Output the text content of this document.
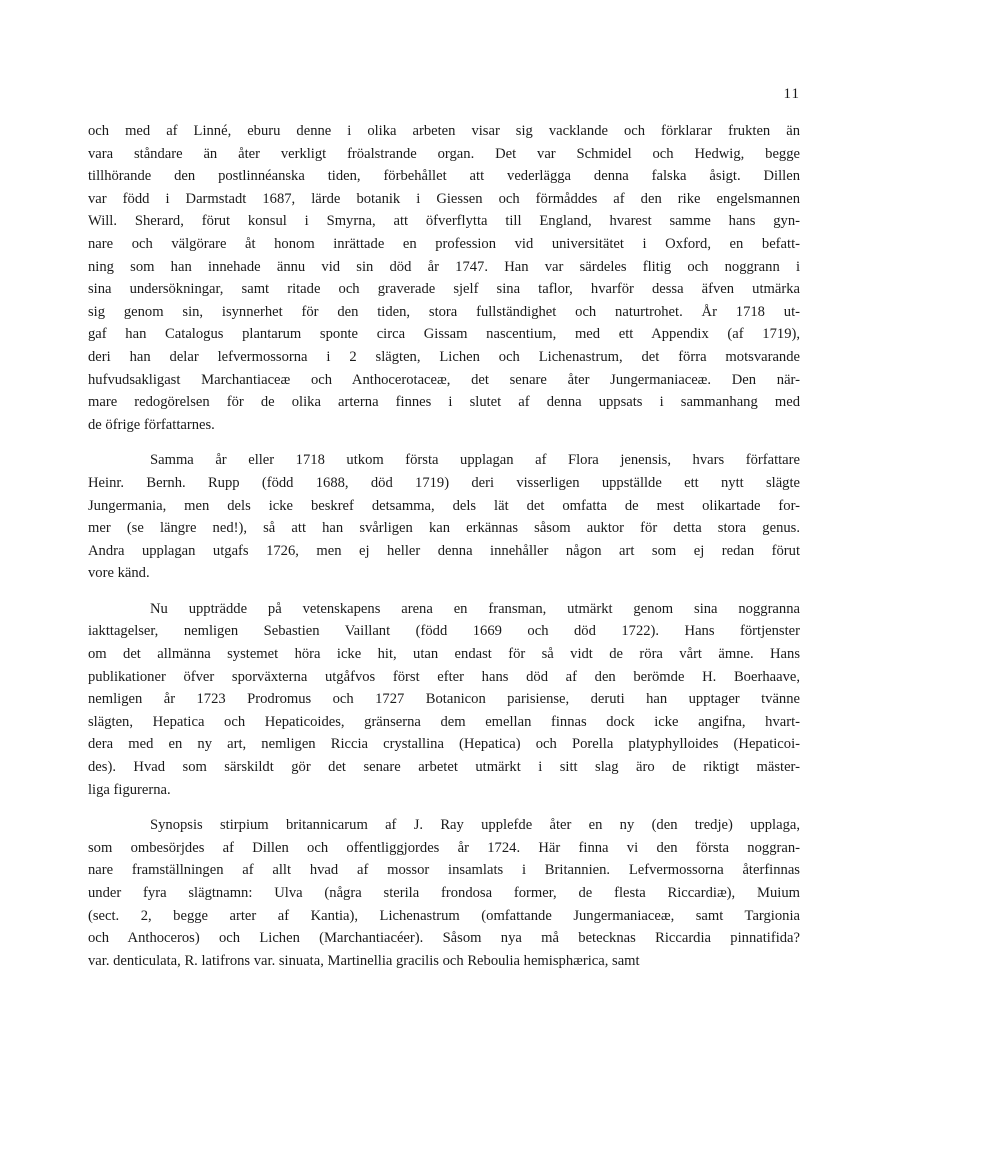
11
och med af Linné, eburu denne i olika arbeten visar sig vacklande och förklarar frukten än
vara ståndare än åter verkligt fröalstrande organ. Det var Schmidel och Hedwig, begge
tillhörande den postlinnéanska tiden, förbehållet att vederlägga denna falska åsigt. Dillen
var född i Darmstadt 1687, lärde botanik i Giessen och förmåddes af den rike engelsmannen
Will. Sherard, förut konsul i Smyrna, att öfverflytta till England, hvarest samme hans gyn-
nare och välgörare åt honom inrättade en profession vid universitätet i Oxford, en befatt-
ning som han innehade ännu vid sin död år 1747. Han var särdeles flitig och noggrann i
sina undersökningar, samt ritade och graverade sjelf sina taflor, hvarför dessa äfven utmärka
sig genom sin, isynnerhet för den tiden, stora fullständighet och naturtrohet. År 1718 ut-
gaf han Catalogus plantarum sponte circa Gissam nascentium, med ett Appendix (af 1719),
deri han delar lefvermossorna i 2 slägten, Lichen och Lichenastrum, det förra motsvarande
hufvudsakligast Marchantiaceæ och Anthocerotaceæ, det senare åter Jungermaniaceæ. Den när-
mare redogörelsen för de olika arterna finnes i slutet af denna uppsats i sammanhang med
de öfrige författarnes.
Samma år eller 1718 utkom första upplagan af Flora jenensis, hvars författare
Heinr. Bernh. Rupp (född 1688, död 1719) deri visserligen uppställde ett nytt slägte
Jungermania, men dels icke beskref detsamma, dels lät det omfatta de mest olikartade for-
mer (se längre ned!), så att han svårligen kan erkännas såsom auktor för detta stora genus.
Andra upplagan utgafs 1726, men ej heller denna innehåller någon art som ej redan förut
vore känd.
Nu uppträdde på vetenskapens arena en fransman, utmärkt genom sina noggranna
iakttagelser, nemligen Sebastien Vaillant (född 1669 och död 1722). Hans förtjenster
om det allmänna systemet höra icke hit, utan endast för så vidt de röra vårt ämne. Hans
publikationer öfver sporväxterna utgåfvos först efter hans död af den berömde H. Boerhaave,
nemligen år 1723 Prodromus och 1727 Botanicon parisiense, deruti han upptager tvänne
slägten, Hepatica och Hepaticoides, gränserna dem emellan finnas dock icke angifna, hvart-
dera med en ny art, nemligen Riccia crystallina (Hepatica) och Porella platyphylloides (Hepaticoi-
des). Hvad som särskildt gör det senare arbetet utmärkt i sitt slag äro de riktigt mäster-
liga figurerna.
Synopsis stirpium britannicarum af J. Ray upplefde åter en ny (den tredje) upplaga,
som ombesörjdes af Dillen och offentliggjordes år 1724. Här finna vi den första noggran-
nare framställningen af allt hvad af mossor insamlats i Britannien. Lefvermossorna återfinnas
under fyra slägtnamn: Ulva (några sterila frondosa former, de flesta Riccardiæ), Muium
(sect. 2, begge arter af Kantia), Lichenastrum (omfattande Jungermaniaceæ, samt Targionia
och Anthoceros) och Lichen (Marchantiacéer). Såsom nya må betecknas Riccardia pinnatifida?
var. denticulata, R. latifrons var. sinuata, Martinellia gracilis och Reboulia hemisphærica, samt
